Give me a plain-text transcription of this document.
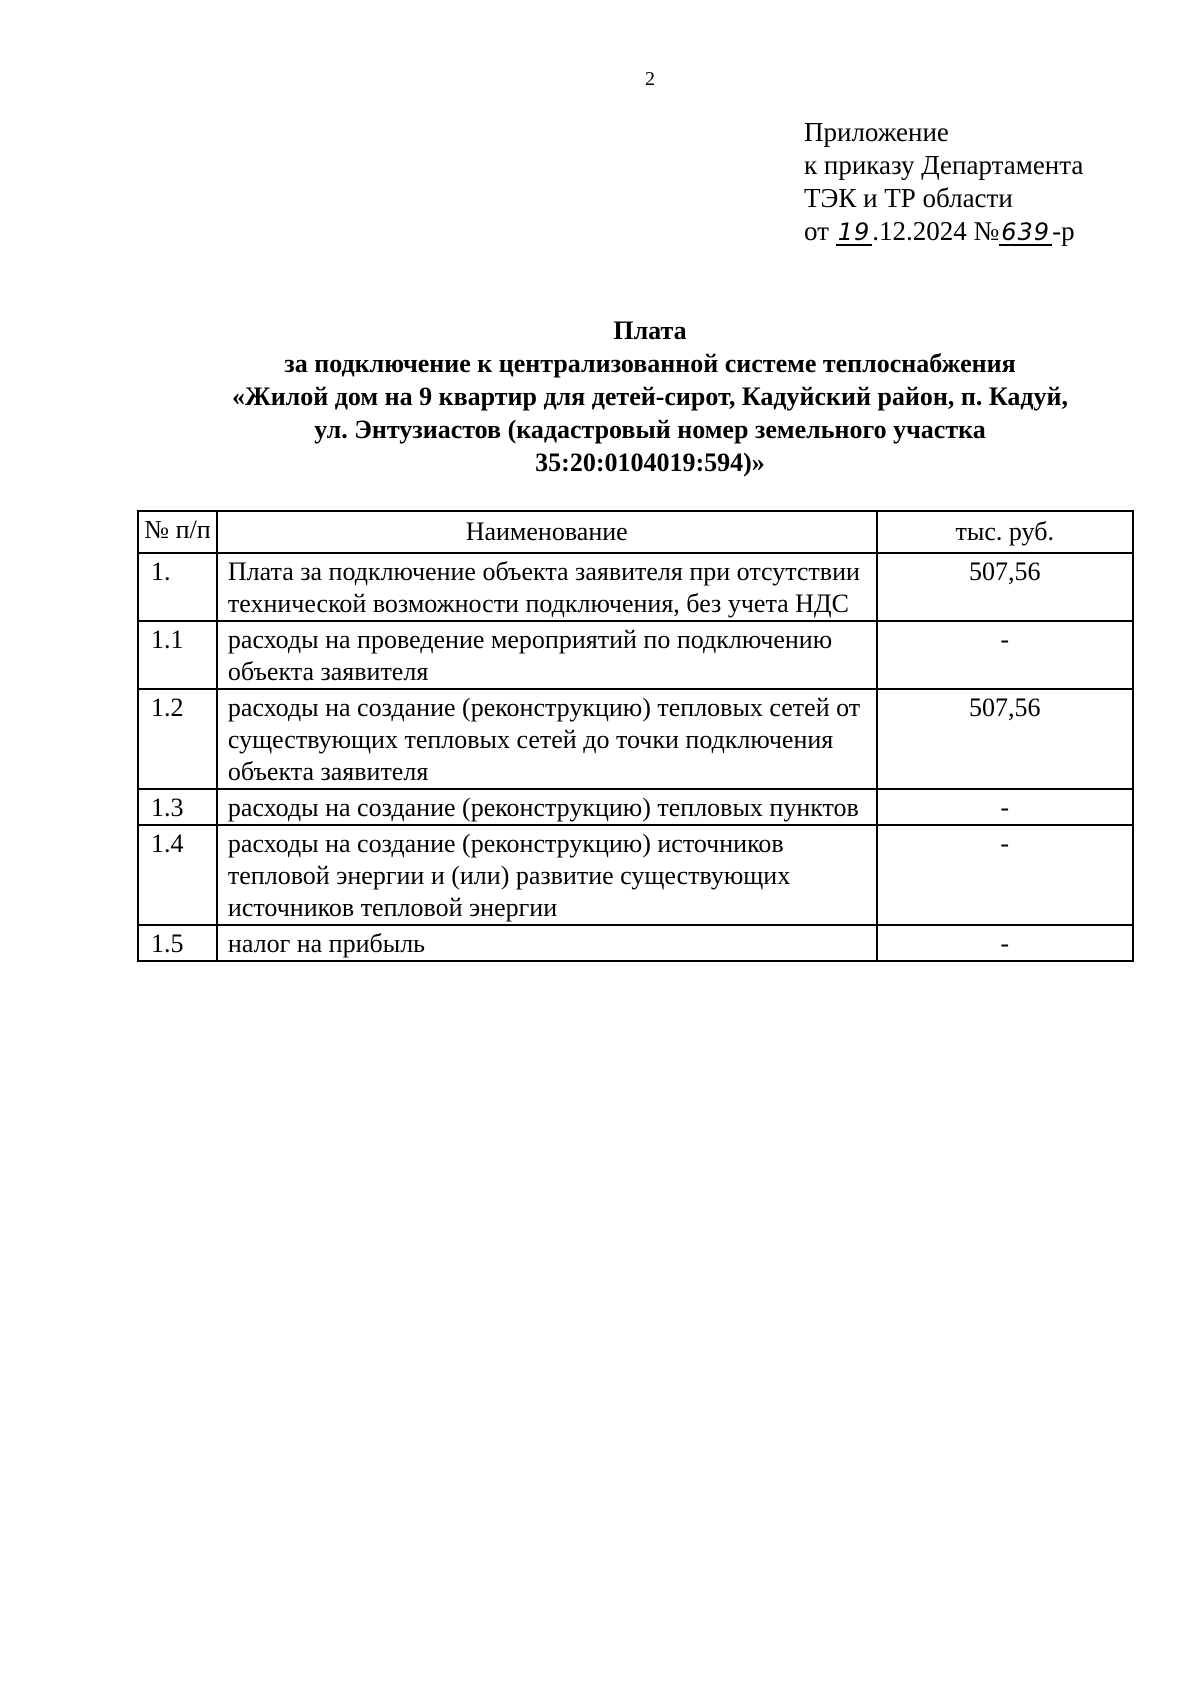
2
Приложение
к приказу Департамента
ТЭК и ТР области
от 19.12.2024 №639-р
Плата
за подключение к централизованной системе теплоснабжения
«Жилой дом на 9 квартир для детей-сирот, Кадуйский район, п. Кадуй,
ул. Энтузиастов (кадастровый номер земельного участка
35:20:0104019:594)»
№ п/п	Наименование	тыс. руб.
1.	Плата за подключение объекта заявителя при отсутствии технической возможности подключения, без учета НДС	507,56
1.1	расходы на проведение мероприятий по подключению объекта заявителя	-
1.2	расходы на создание (реконструкцию) тепловых сетей от существующих тепловых сетей до точки подключения объекта заявителя	507,56
1.3	расходы на создание (реконструкцию) тепловых пунктов	-
1.4	расходы на создание (реконструкцию) источников тепловой энергии и (или) развитие существующих источников тепловой энергии	-
1.5	налог на прибыль	-
